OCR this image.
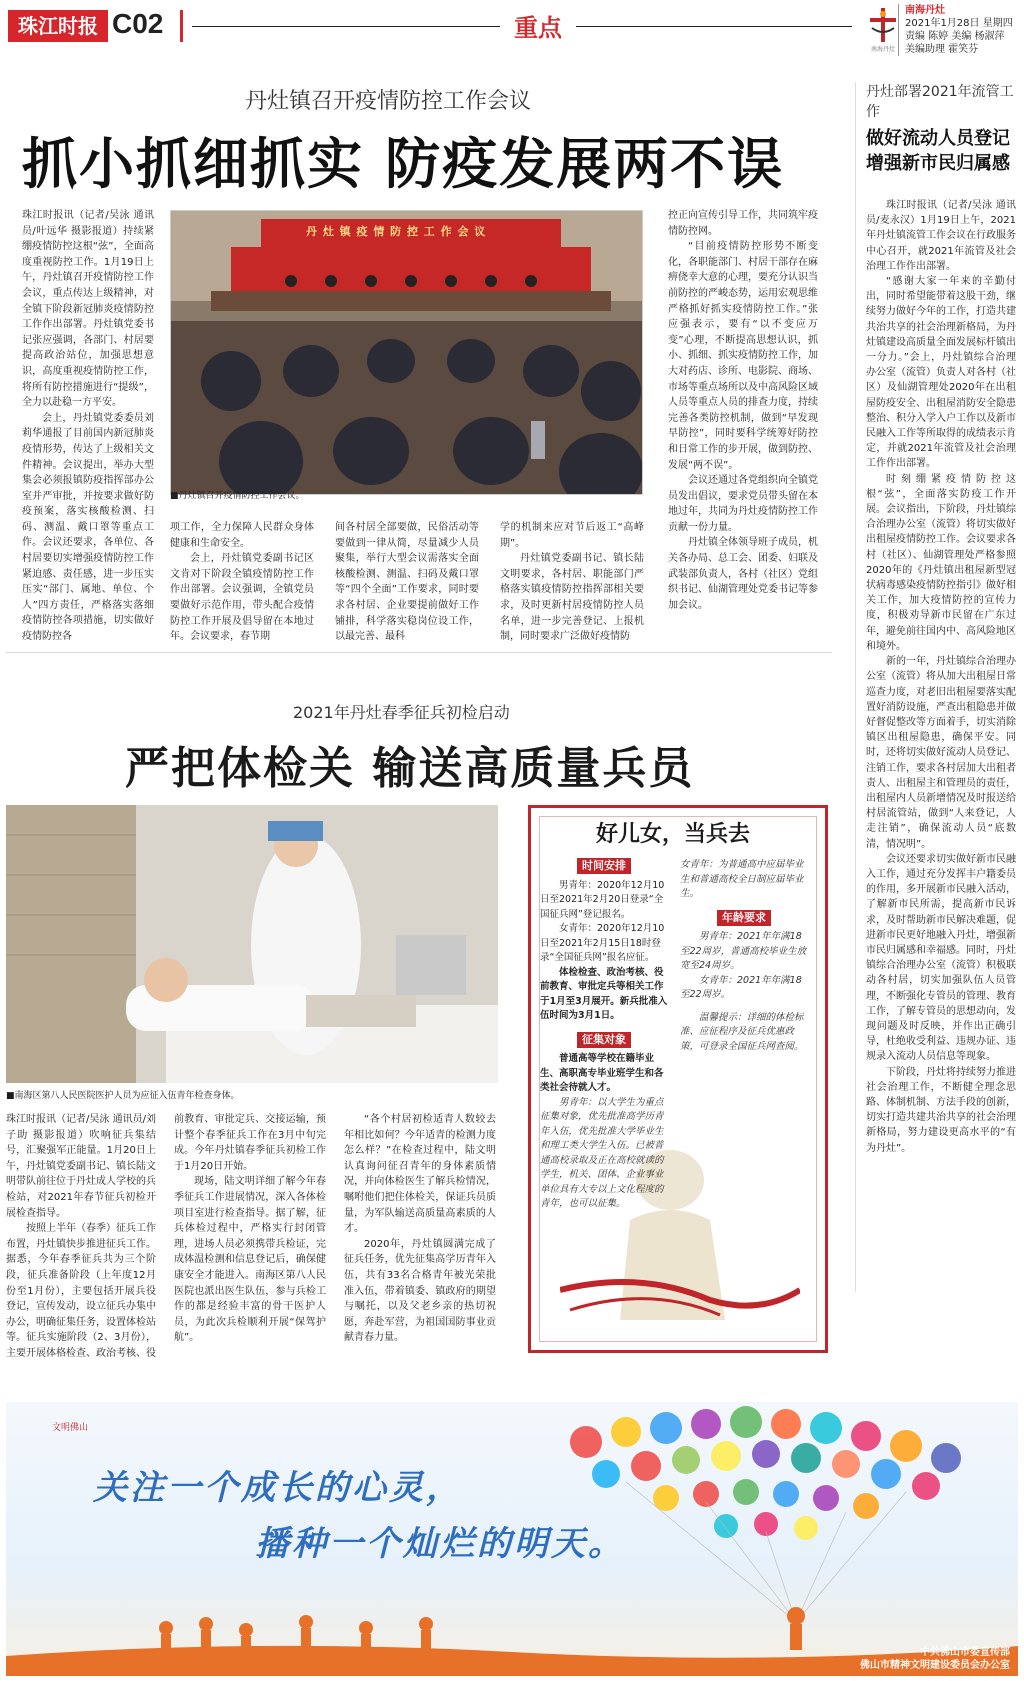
珠江时报 C02	重点
南海丹灶
南海丹灶
2021年1月28日 星期四
责编 陈婷 美编 杨淑萍
美编助理 霍笑芬
丹灶镇召开疫情防控工作会议
抓小抓细抓实 防疫发展两不误

珠江时报讯（记者/吴泳 通讯员/叶远华 摄影报道）持续紧绷疫情防控这根“弦”，全面高度重视防控工作。1月19日上午，丹灶镇召开疫情防控工作会议，重点传达上级精神，对全镇下阶段新冠肺炎疫情防控工作作出部署。丹灶镇党委书记张应强调，各部门、村居要提高政治站位，加强思想意识，高度重视疫情防控工作，将所有防控措施进行“提级”，全力以赴稳一方平安。

会上，丹灶镇党委委员刘莉华通报了目前国内新冠肺炎疫情形势，传达了上级相关文件精神。会议提出，举办大型集会必须报镇防疫指挥部办公室并严审批，并按要求做好防疫预案，落实核酸检测、扫码、测温、戴口罩等重点工作。会议还要求，各单位、各村居要切实增强疫情防控工作紧迫感、责任感，进一步压实压实“部门、属地、单位、个人”四方责任，严格落实落细疫情防控各项措施，切实做好疫情防控各

丹 灶 镇 疫 情 防 控 工 作 会 议
■丹灶镇召开疫情防控工作会议。

项工作，全力保障人民群众身体健康和生命安全。

会上，丹灶镇党委副书记区文肯对下阶段全镇疫情防控工作作出部署。会议强调，全镇党员要做好示范作用，带头配合疫情防控工作开展及倡导留在本地过年。会议要求，春节期

间各村居全部要做，民俗活动等要做到一律从简，尽量减少人员聚集，举行大型会议需落实全面核酸检测、测温、扫码及戴口罩等“四个全面”工作要求，同时要求各村居、企业要提前做好工作铺排，科学落实稳岗位设工作，以最完善、最科

学的机制来应对节后返工“高峰期”。

丹灶镇党委副书记、镇长陆文明要求，各村居、职能部门严格落实镇疫情防控指挥部相关要求，及时更新村居疫情防控人员名单，进一步完善登记、上报机制，同时要求广泛做好疫情防

控正向宣传引导工作，共同筑牢疫情防控网。

“目前疫情防控形势不断变化，各职能部门、村居干部存在麻痹侥幸大意的心理，要充分认识当前防控的严峻态势，运用宏观思维严格抓好抓实疫情防控工作。”张应强表示，要有“以不变应万变”心理，不断提高思想认识，抓小、抓细、抓实疫情防控工作，加大对药店、诊所、电影院、商场、市场等重点场所以及中高风险区域人员等重点人员的排查力度，持续完善各类防控机制，做到“早发现早防控”，同时要科学统筹好防控和日常工作的步开展，做到防控、发展“两不误”。

会议还通过各党组织向全镇党员发出倡议，要求党员带头留在本地过年，共同为丹灶疫情防控工作贡献一份力量。

丹灶镇全体领导班子成员，机关各办局、总工会、团委、妇联及武装部负责人，各村（社区）党组织书记、仙湖管理处党委书记等参加会议。

丹灶部署2021年流管工作
做好流动人员登记 增强新市民归属感

珠江时报讯（记者/吴泳 通讯员/麦永汉）1月19日上午，2021年丹灶镇流管工作会议在行政服务中心召开，就2021年流管及社会治理工作作出部署。

“感谢大家一年来的辛勤付出，同时希望能带着这股干劲，继续努力做好今年的工作，打造共建共治共享的社会治理新格局，为丹灶镇建设高质量全面发展标杆镇出一分力。”会上，丹灶镇综合治理办公室（流管）负责人对各村（社区）及仙湖管理处2020年在出租屋防疫安全、出租屋消防安全隐患整治、积分入学入户工作以及新市民融入工作等所取得的成绩表示肯定，并就2021年流管及社会治理工作作出部署。

时刻绷紧疫情防控这根“弦”，全面落实防疫工作开展。会议指出，下阶段，丹灶镇综合治理办公室（流管）将切实做好出租屋疫情防控工作。会议要求各村（社区）、仙湖管理处严格参照2020年的《丹灶镇出租屋新型冠状病毒感染疫情防控指引》做好相关工作，加大疫情防控的宣传力度，积极劝导新市民留在广东过年，避免前往国内中、高风险地区和境外。

新的一年，丹灶镇综合治理办公室（流管）将从加大出租屋日常巡查力度，对老旧出租屋要落实配置好消防设施，严查出租隐患并做好督促整改等方面着手，切实消除镇区出租屋隐患，确保平安。同时，还将切实做好流动人员登记、注销工作，要求各村居加大出租者责人、出租屋主和管理员的责任，出租屋内人员新增情况及时报送给村居流管站，做到“人来登记，人走注销”，确保流动人员“底数清，情况明”。

会议还要求切实做好新市民融入工作，通过充分发挥丰户籍委员的作用，多开展新市民融入活动，了解新市民所需，提高新市民诉求，及时帮助新市民解决难题，促进新市民更好地融入丹灶，增强新市民归属感和幸福感。同时，丹灶镇综合治理办公室（流管）积极联动各村居，切实加强队伍人员管理，不断强化专管员的管理、教育工作，了解专管员的思想动向，发现问题及时反映，并作出正确引导，杜绝收受利益、违规办证、违规录入流动人员信息等现象。

下阶段，丹灶将持续努力推进社会治理工作，不断健全理念思路、体制机制、方法手段的创新，切实打造共建共治共享的社会治理新格局，努力建设更高水平的“有为丹灶”。

2021年丹灶春季征兵初检启动
严把体检关 输送高质量兵员
■南海区第八人民医院医护人员为应征入伍青年检查身体。

珠江时报讯（记者/吴泳 通讯员/刘子助 摄影报道）吹响征兵集结号，汇聚强军正能量。1月20日上午，丹灶镇党委副书记、镇长陆文明带队前往位于丹灶成人学校的兵检站，对2021年春节征兵初检开展检查指导。

按照上半年（春季）征兵工作布置，丹灶镇快步推进征兵工作。据悉，今年春季征兵共为三个阶段，征兵准备阶段（上年度12月份至1月份），主要包括开展兵役登记，宣传发动，设立征兵办集中办公，明确征集任务，设置体检站等。征兵实施阶段（2、3月份），主要开展体格检查、政治考核、役

前教育、审批定兵、交接运输，预计整个春季征兵工作在3月中旬完成。今年丹灶镇春季征兵初检工作于1月20日开始。

现场，陆文明详细了解今年春季征兵工作进展情况，深入各体检项目室进行检查指导。据了解，征兵体检过程中，严格实行封闭管理，进场人员必须携带兵检证，完成体温检测和信息登记后，确保健康安全才能进入。南海区第八人民医院也派出医生队伍，参与兵检工作的都是经验丰富的骨干医护人员，为此次兵检顺利开展“保驾护航”。

“各个村居初检适青人数较去年相比如何？今年适青的检测力度怎么样？”在检查过程中，陆文明认真询问征召青年的身体素质情况，并向体检医生了解兵检情况，嘱咐他们把住体检关，保证兵员质量，为军队输送高质量高素质的人才。

2020年，丹灶镇圆满完成了征兵任务，优先征集高学历青年入伍，共有33名合格青年被光荣批准入伍，带着镇委、镇政府的期望与嘱托，以及父老乡亲的热切祝愿，奔赴军营，为祖国国防事业贡献青春力量。

好儿女，当兵去
时间安排

男青年：2020年12月10日至2021年2月20日登录“全国征兵网”登记报名。

女青年：2020年12月10日至2021年2月15日18时登录“全国征兵网”报名应征。

体检检查、政治考核、役前教育、审批定兵等相关工作于1月至3月展开。新兵批准入伍时间为3月1日。

征集对象

普通高等学校在籍毕业生、高职高专毕业班学生和各类社会待就人才。

男青年：以大学生为重点征集对象，优先批准高学历青年入伍，优先批准大学毕业生和理工类大学生入伍。已被普通高校录取及正在高校就读的学生，机关、团体、企业事业单位具有大专以上文化程度的青年，也可以征集。

女青年：为普通高中应届毕业生和普通高校全日制应届毕业生。

年龄要求

男青年：2021年年满18至22周岁，普通高校毕业生放宽至24周岁。

女青年：2021年年满18至22周岁。

温馨提示：详细的体检标准、应征程序及征兵优惠政策，可登录全国征兵网查阅。

文明佛山
关注一个成长的心灵，
播种一个灿烂的明天。
中共佛山市委宣传部
佛山市精神文明建设委员会办公室
